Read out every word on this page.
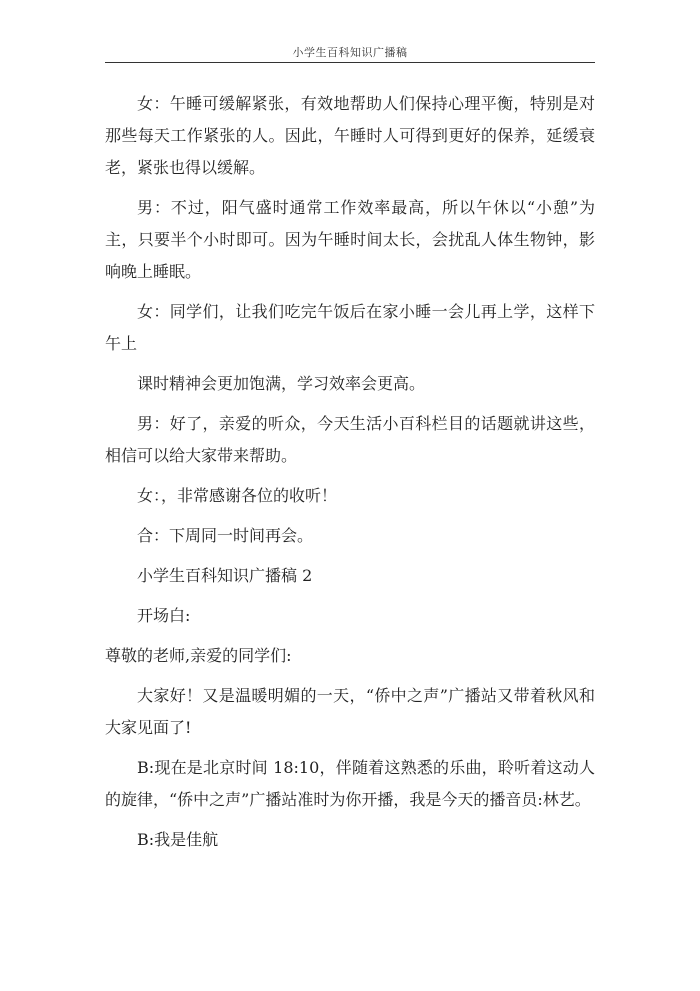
小学生百科知识广播稿

女：午睡可缓解紧张，有效地帮助人们保持心理平衡，特别是对那些每天工作紧张的人。因此，午睡时人可得到更好的保养，延缓衰老，紧张也得以缓解。

男：不过，阳气盛时通常工作效率最高，所以午休以“小憩”为主，只要半个小时即可。因为午睡时间太长，会扰乱人体生物钟，影响晚上睡眠。

女：同学们，让我们吃完午饭后在家小睡一会儿再上学，这样下午上

课时精神会更加饱满，学习效率会更高。

男：好了，亲爱的听众，今天生活小百科栏目的话题就讲这些，相信可以给大家带来帮助。

女：，非常感谢各位的收听！

合：下周同一时间再会。

小学生百科知识广播稿 2

开场白:

尊敬的老师,亲爱的同学们:

大家好！又是温暖明媚的一天，“侨中之声”广播站又带着秋风和大家见面了!

B:现在是北京时间 18:10，伴随着这熟悉的乐曲，聆听着这动人的旋律，“侨中之声”广播站准时为你开播，我是今天的播音员:林艺。

B:我是佳航
